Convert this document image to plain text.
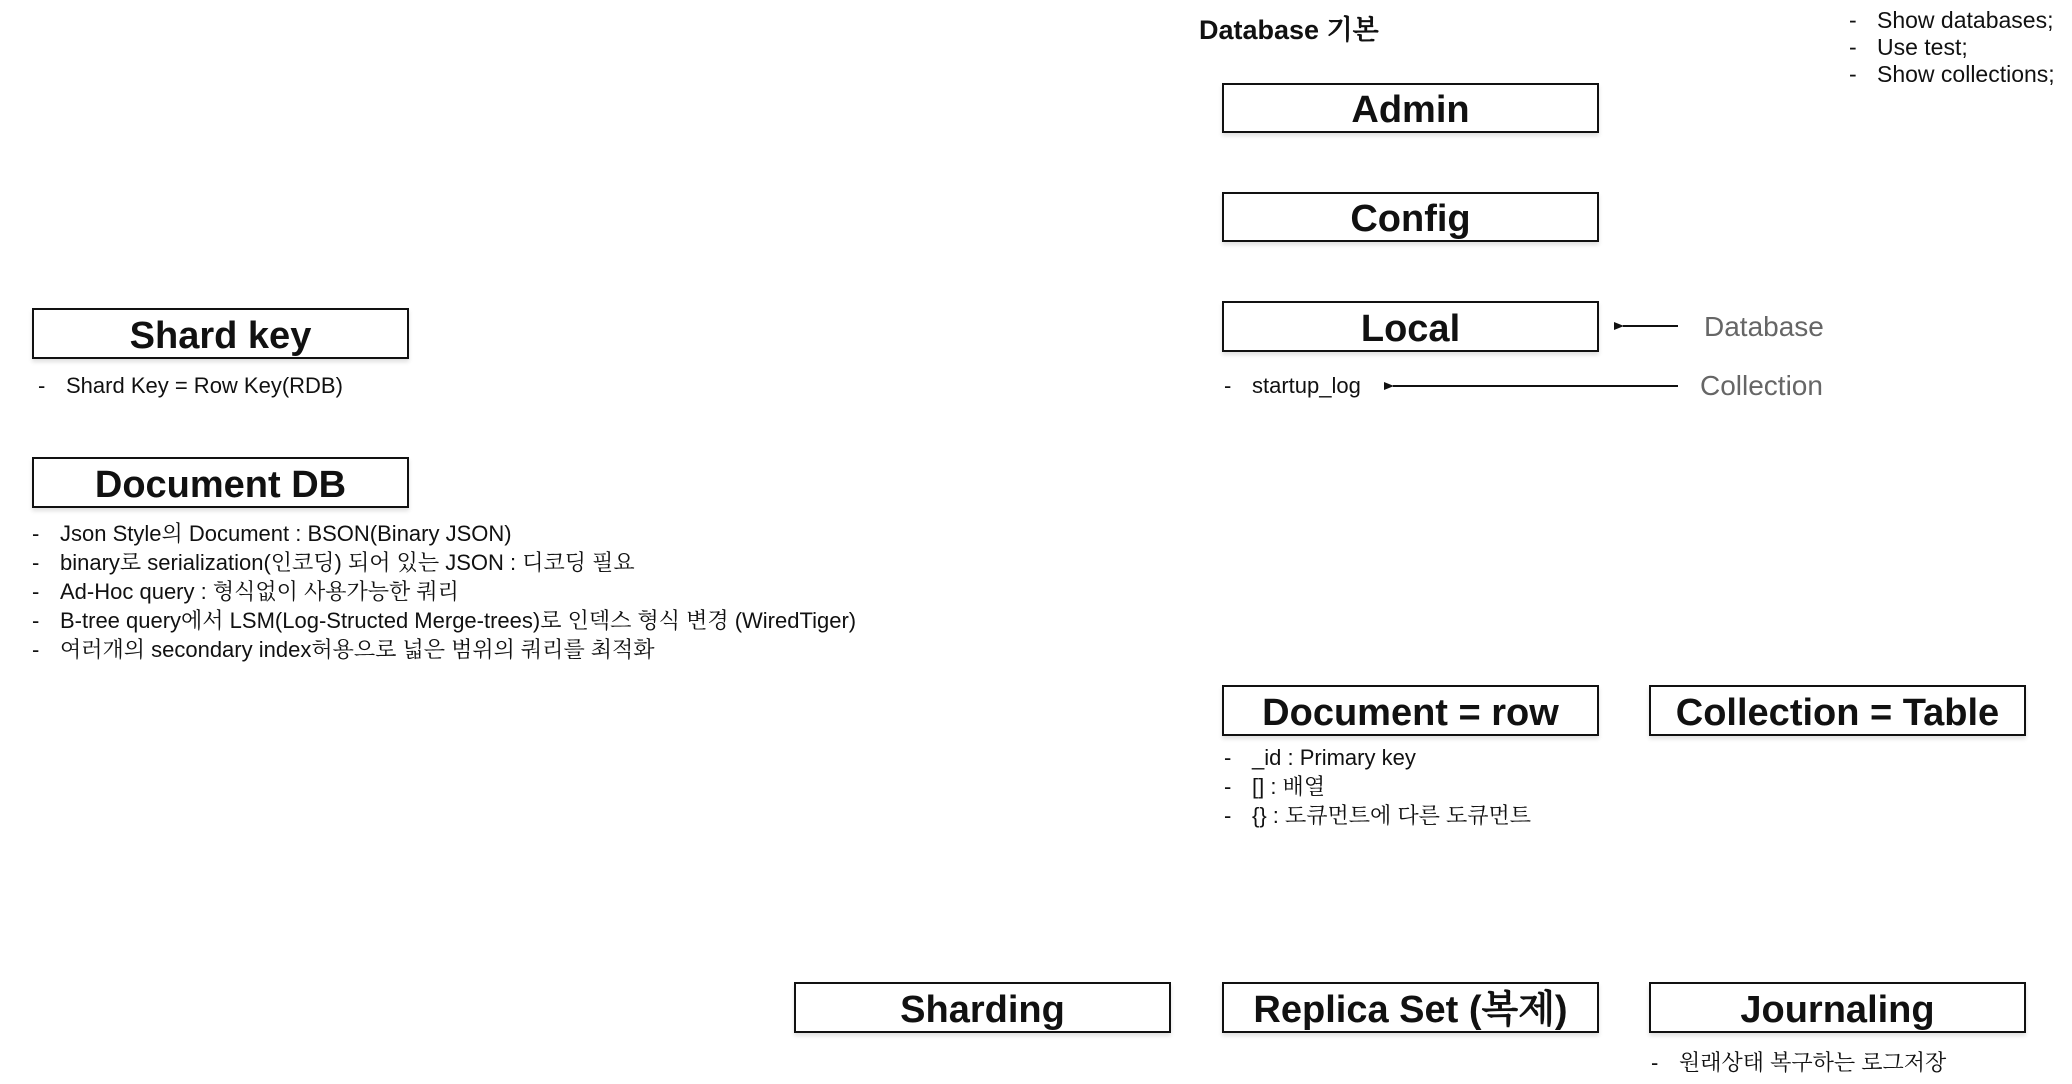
Database 기본
-	Show databases;
- Use test;
- Show collections;
Admin
Config
Local
- startup_log
Database
Collection
Shard key
- Shard Key = Row Key(RDB)
Document DB
- Json Style의 Document : BSON(Binary JSON)
- binary로 serialization(인코딩) 되어 있는 JSON : 디코딩 필요
- Ad-Hoc query : 형식없이 사용가능한 쿼리
- B-tree query에서 LSM(Log-Structed Merge-trees)로 인덱스 형식 변경 (WiredTiger)
- 여러개의 secondary index허용으로 넓은 범위의 쿼리를 최적화
Document = row	Collection = Table
- _id : Primary key
- [] : 배열
- {} : 도큐먼트에 다른 도큐먼트
Sharding	Replica Set (복제)	Journaling
- 원래상태 복구하는 로그저장
